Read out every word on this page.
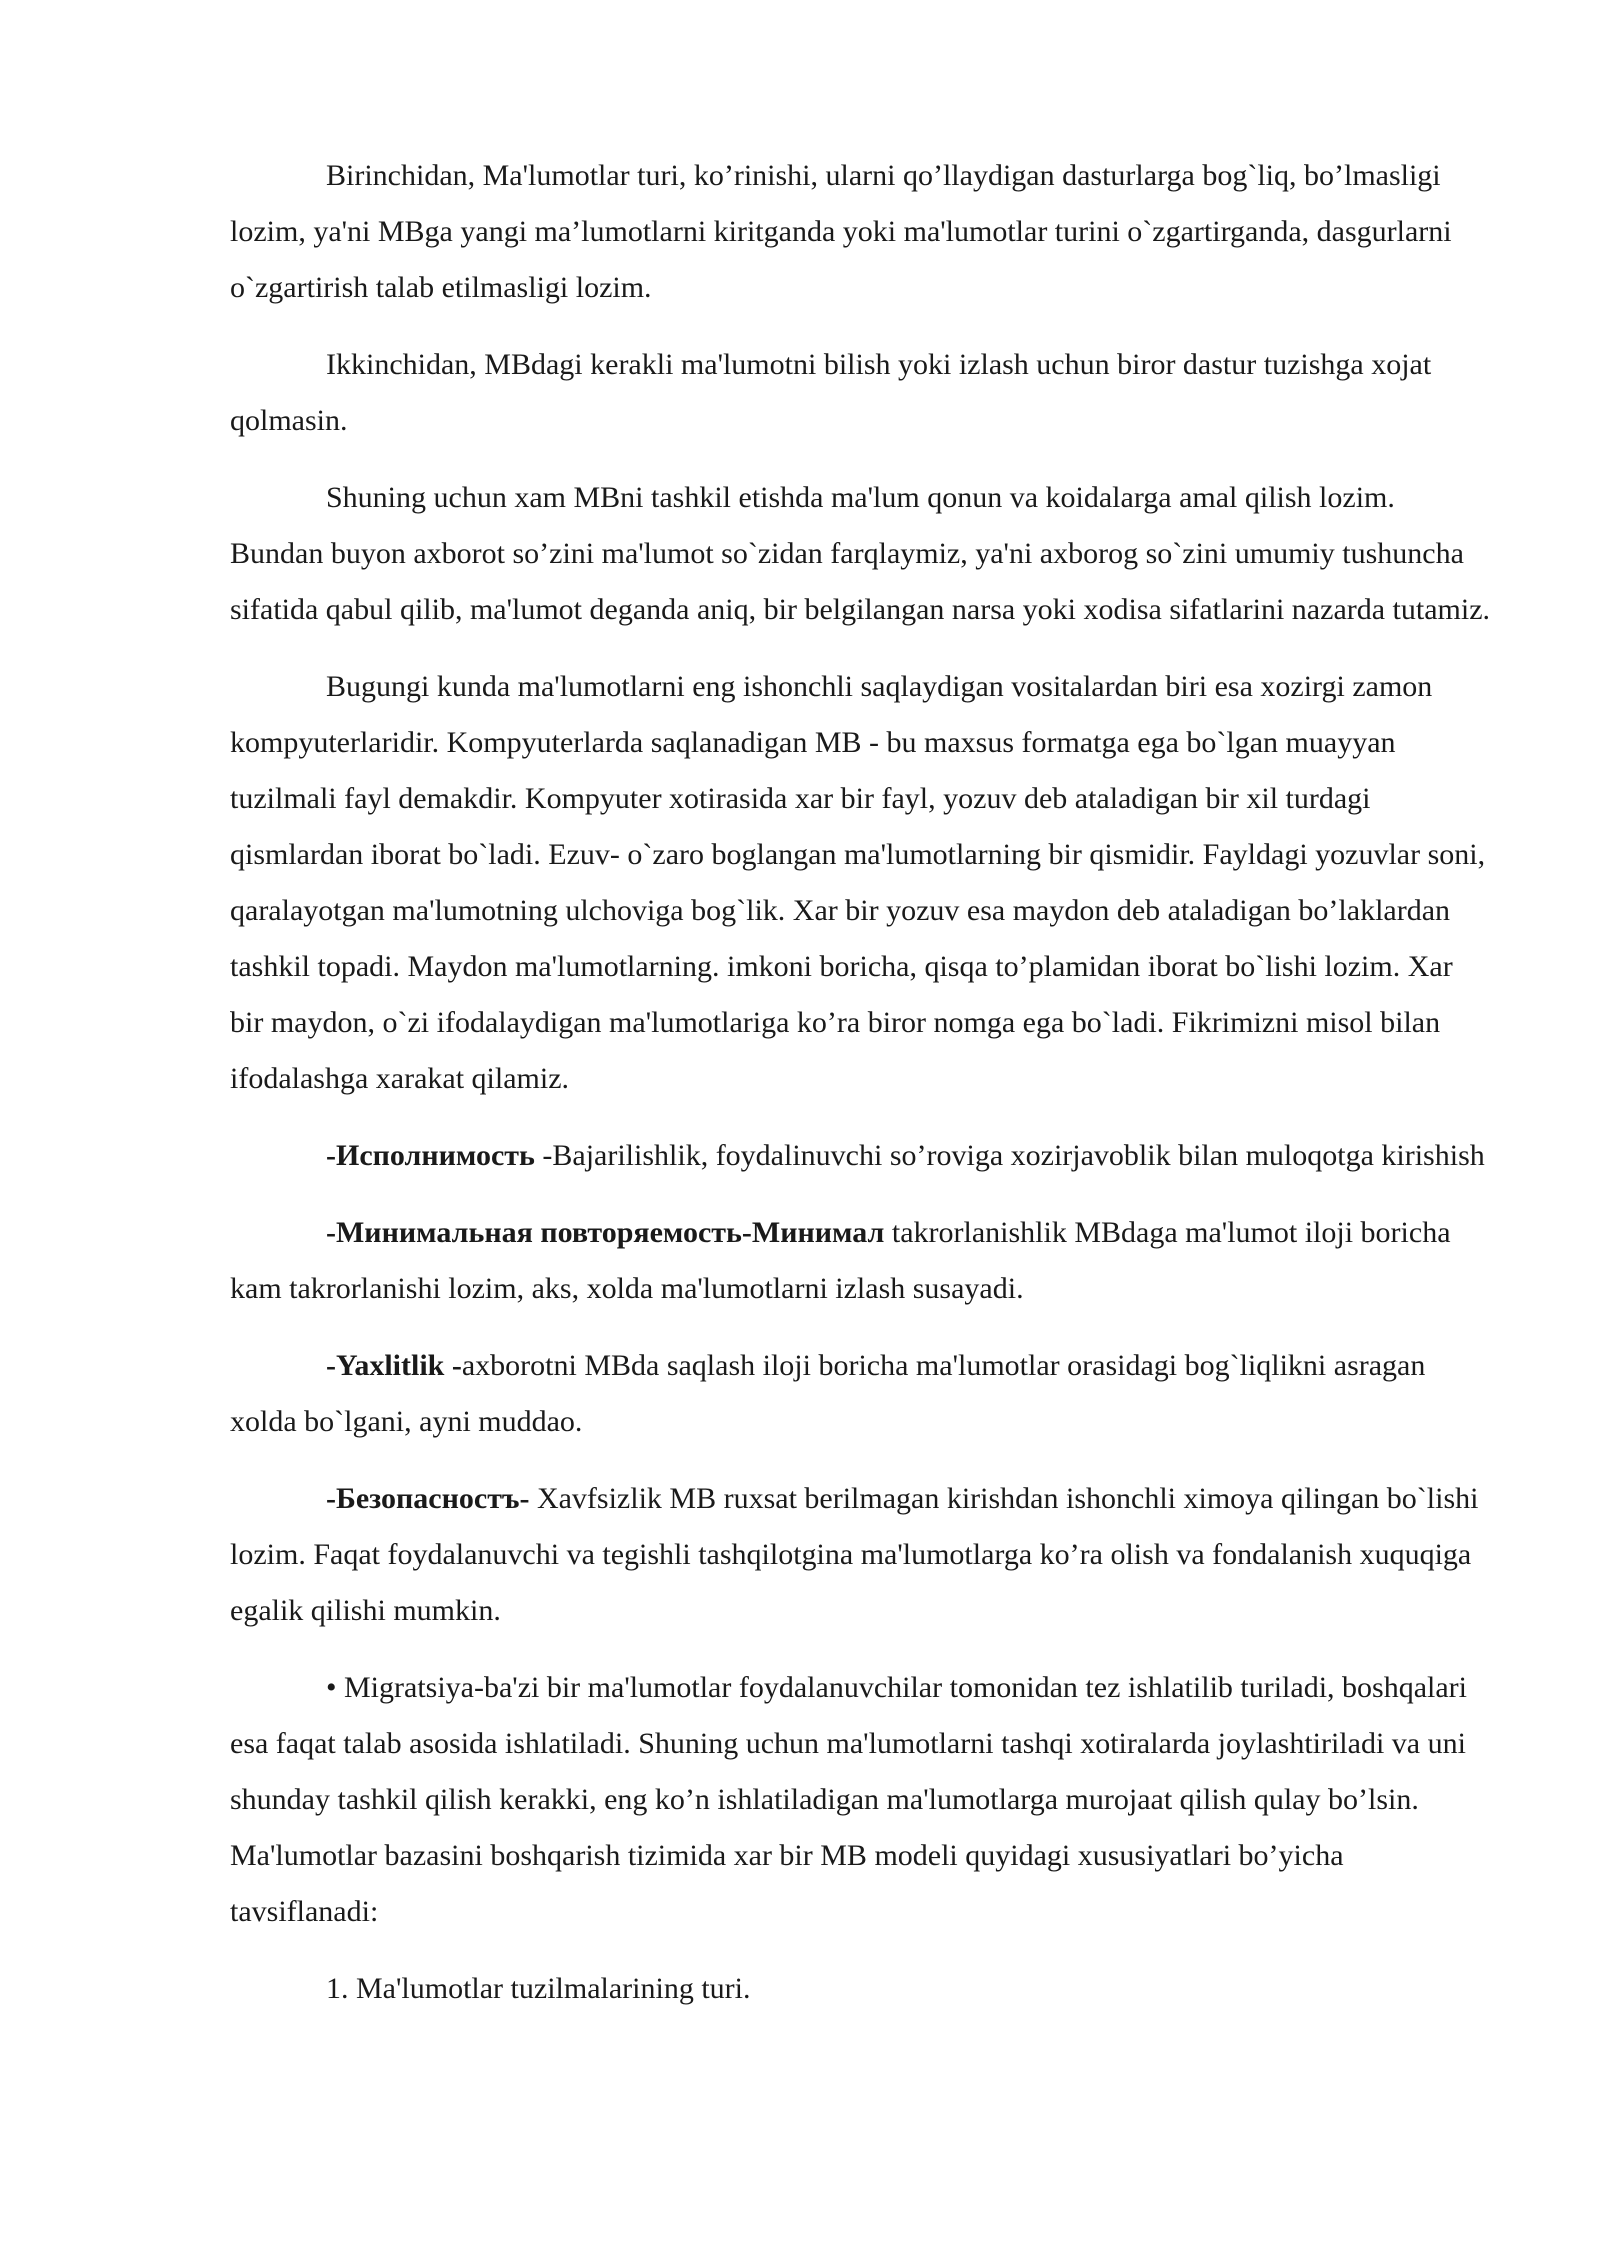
Birinchidan, Ma'lumotlar turi, ko’rinishi, ularni qo’llaydigan dasturlarga bog`liq, bo’lmasligi lozim, ya'ni MBga yangi ma’lumotlarni kiritganda yoki ma'lumotlar turini o`zgartirganda, dasgurlarni o`zgartirish talab etilmasligi lozim.

Ikkinchidan, MBdagi kerakli ma'lumotni bilish yoki izlash uchun biror dastur tuzishga xojat qolmasin.

Shuning uchun xam MBni tashkil etishda ma'lum qonun va koidalarga amal qilish lozim. Bundan buyon axborot so’zini ma'lumot so`zidan farqlaymiz, ya'ni axborog so`zini umumiy tushuncha sifatida qabul qilib, ma'lumot deganda aniq, bir belgilangan narsa yoki xodisa sifatlarini nazarda tutamiz.

Bugungi kunda ma'lumotlarni eng ishonchli saqlaydigan vositalardan biri esa xozirgi zamon kompyuterlaridir. Kompyuterlarda saqlanadigan MB - bu maxsus formatga ega bo`lgan muayyan tuzilmali fayl demakdir. Kompyuter xotirasida xar bir fayl, yozuv deb ataladigan bir xil turdagi qismlardan iborat bo`ladi. Ezuv- o`zaro boglangan ma'lumotlarning bir qismidir. Fayldagi yozuvlar soni, qaralayotgan ma'lumotning ulchoviga bog`lik. Xar bir yozuv esa maydon deb ataladigan bo’laklardan tashkil topadi. Maydon ma'lumotlarning. imkoni boricha, qisqa to’plamidan iborat bo`lishi lozim. Xar bir maydon, o`zi ifodalaydigan ma'lumotlariga ko’ra biror nomga ega bo`ladi. Fikrimizni misol bilan ifodalashga xarakat qilamiz.

-Исполнимость -Bajarilishlik, foydalinuvchi so’roviga xozirjavoblik bilan muloqotga kirishish

-Минимальная повторяемость-Минимал takrorlanishlik MBdaga ma'lumot iloji boricha kam takrorlanishi lozim, aks, xolda ma'lumotlarni izlash susayadi.

-Yaxlitlik -axborotni MBda saqlash iloji boricha ma'lumotlar orasidagi bog`liqlikni asragan xolda bo`lgani, ayni muddao.

-Безопасностъ- Xavfsizlik MB ruxsat berilmagan kirishdan ishonchli ximoya qilingan bo`lishi lozim. Faqat foydalanuvchi va tegishli tashqilotgina ma'lumotlarga ko’ra olish va fondalanish xuquqiga egalik qilishi mumkin.

• Migratsiya-ba'zi bir ma'lumotlar foydalanuvchilar tomonidan tez ishlatilib turiladi, boshqalari esa faqat talab asosida ishlatiladi. Shuning uchun ma'lumotlarni tashqi xotiralarda joylashtiriladi va uni shunday tashkil qilish kerakki, eng ko’n ishlatiladigan ma'lumotlarga murojaat qilish qulay bo’lsin. Ma'lumotlar bazasini boshqarish tizimida xar bir MB modeli quyidagi xususiyatlari bo’yicha tavsiflanadi:

1. Ma'lumotlar tuzilmalarining turi.
